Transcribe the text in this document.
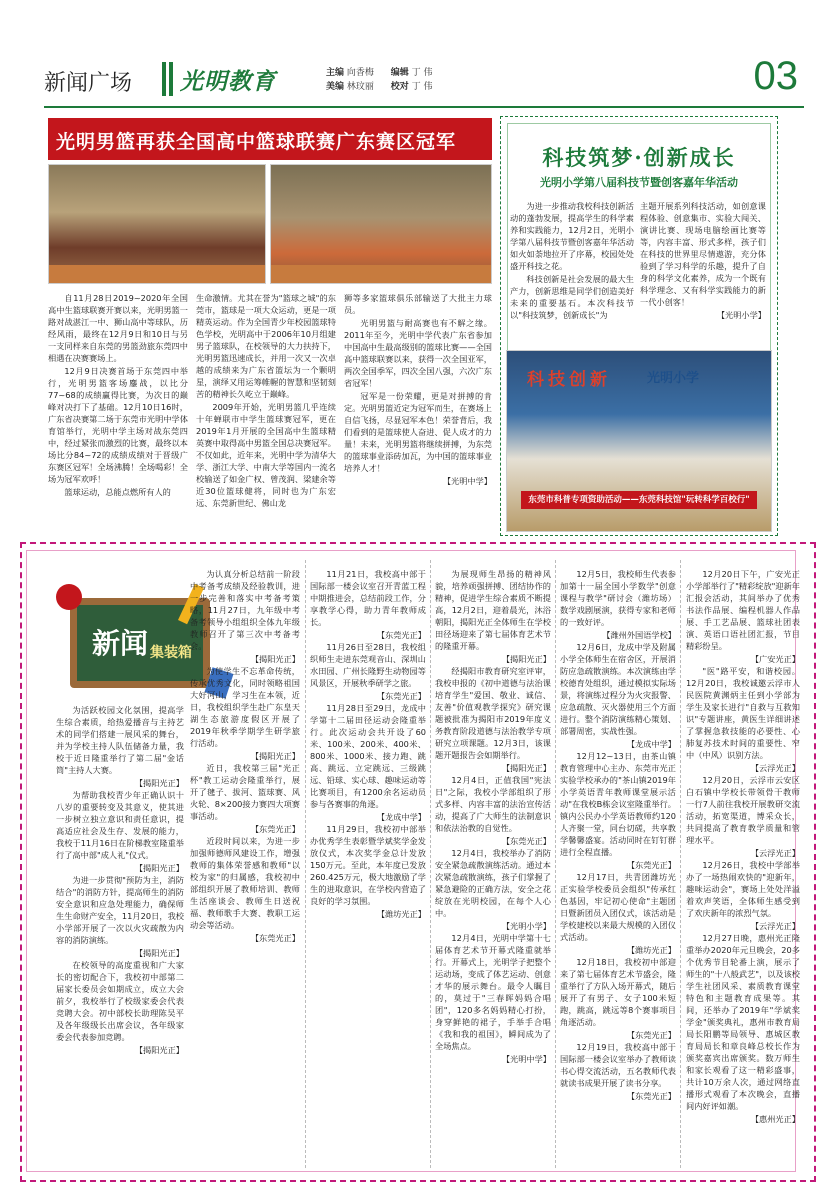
新闻广场 光明教育	主编 向香梅 编辑 丁 伟
美编 林玟丽 校对 丁 伟	03
光明男篮再获全国高中篮球联赛广东赛区冠军

自11月28日2019~2020年全国高中生篮球联赛开赛以来，光明男篮一路对战湛江一中、狮山高中等球队，历经风雨，最终在12月9日和10日与另一支同样来自东莞的男篮劲旅东莞四中相遇在决赛赛场上。

12月9日决赛首场于东莞四中举行，光明男篮客场鏖战，以比分77~68的成绩赢得比赛，为次日的巅峰对决打下了基础。12月10日16时，广东省决赛第二场于东莞市光明中学体育馆举行，光明中学主场对战东莞四中，经过紧张而激烈的比赛，最终以本场比分84~72的成绩成绩对于晋级广东赛区冠军！全场沸腾！全场喝彩！全场为冠军欢呼！

篮球运动，总能点燃所有人的

生命激情。尤其在誉为"篮球之城"的东莞市，篮球是一项大众运动，更是一项精英运动。作为全国青少年校园篮球特色学校，光明高中于2006年10月组建男子篮球队，在校领导的大力扶持下，光明男篮迅速成长，并用一次又一次卓越的成绩来为广东省篮坛为一个颗明星，演绎又用运筹帷幄的智慧和坚韧刻苦的精神长久屹立于巅峰。

2009年开始，光明男篮几乎连续十年蝉联市中学生篮球赛冠军，更在2019年1月开展的全国高中生篮球精英赛中取得高中男篮全国总决赛冠军。不仅如此，近年来，光明中学为清华大学、浙江大学、中南大学等国内一流名校输送了如金广权、曾茂润、梁建余等近30位篮球健将，同时也为广东宏远、东莞新世纪、佛山龙

狮等多家篮球俱乐部输送了大批主力球员。

光明男篮与耐高赛也有不解之缘。2011年至今，光明中学代表广东省参加中国高中生最高级别的篮球比赛——全国高中篮球联赛以来，获得一次全国亚军，两次全国季军，四次全国八强，六次广东省冠军！

冠军是一份荣耀，更是对拼搏的肯定。光明男篮近定为冠军而生，在赛场上自信飞扬，尽显冠军本色！荣誉背后，我们看到的是篮球使人奋进、促人成才的力量！未来，光明男篮将继续拼搏，为东莞的篮球事业添砖加瓦，为中国的篮球事业培养人才！

【光明中学】
科技筑梦·创新成长
光明小学第八届科技节暨创客嘉年华活动

为进一步推动我校科技创新活动的蓬勃发展，提高学生的科学素养和实践能力，12月2日，光明小学第八届科技节暨创客嘉年华活动如火如荼地拉开了序幕，校园处处盛开科技之花。

科技创新是社会发展的最大生产力，创新思维是同学们创造美好未来的重要基石。本次科技节以"科技筑梦，创新成长"为

主题开展系列科技活动，如创意课程体验、创意集市、实验大闯关、演讲比赛、现场电脑绘画比赛等等，内容丰富、形式多样，孩子们在科技的世界里尽情遨游，充分体验到了学习科学的乐趣，提升了自身的科学文化素养，成为一个既有科学理念、又有科学实践能力的新一代小创客！

【光明小学】
科技创新	光明小学
东莞市科普专项资助活动——东莞科技馆"玩转科学百校行"
新闻 集装箱

为活跃校园文化氛围，提高学生综合素质，给热爱播音与主持艺术的同学们搭建一展风采的舞台，并为学校主持人队伍储备力量，我校于近日隆重举行了第二届"金话筒"主持人大赛。

【揭阳光正】

为帮助我校青少年正确认识十八岁的重要转变及其意义，使其进一步树立独立意识和责任意识，提高适应社会及生存、发展的能力，我校于11月16日在阶梯教室隆重举行了高中部"成人礼"仪式。

【揭阳光正】

为进一步贯彻"预防为主，消防结合"的消防方针，提高师生的消防安全意识和应急处理能力，确保师生生命财产安全，11月20日，我校小学部开展了一次以火灾疏散为内容的消防演练。

【揭阳光正】

在校领导的高度重视和广大家长的密切配合下，我校初中部第二届家长委员会如期成立，成立大会前夕，我校举行了校级家委会代表竞聘大会。初中部校长助理陈吴平及各年级级长出席会议，各年级家委会代表参加竞聘。

【揭阳光正】

为认真分析总结前一阶段中考备考成绩及经验教训，进一步完善和落实中考备考策略，11月27日，九年级中考备考领导小组组织全体九年级教师召开了第三次中考备考会。

【揭阳光正】

为使学生不忘革命传统，传承优秀文化，同时领略祖国大好河山，学习生在本领，近日，我校组织学生赴广东皇天湖生态旅游度假区开展了2019年秋季学期学生研学旅行活动。

【揭阳光正】

近日，我校第三届"光正杯"教工运动会隆重举行，展开了毽子、拔河、篮球赛、风火轮、8×200接力赛四大项赛事活动。

【东莞光正】

近段时间以来，为进一步加强师德师风建设工作，增强教师的集体荣誉感和教师"以校为家"的归属感，我校初中部组织开展了教师培训、教师生活座谈会、教师生日送祝福、教师歌手大赛、教职工运动会等活动。

【东莞光正】

11月21日，我校高中部于国际部一楼会议室召开青蓝工程中期推进会，总结前段工作，分享教学心得，助力青年教师成长。

【东莞光正】

11月26日至28日，我校组织师生走进东莞观音山、深圳山水田园、广州长隆野生动物园等风景区，开展秋季研学之旅。

【东莞光正】

11月28日至29日，龙成中学第十二届田径运动会隆重举行。此次运动会共开设了60米、100米、200米、400米、800米、1000米、接力跑、跳高、跳远、立定跳远、三级跳远、铅球、实心球、趣味运动等比赛项目，有1200余名运动员参与各赛事的角逐。

【龙成中学】

11月29日，我校初中部举办优秀学生表彰暨学斌奖学金发放仪式，本次奖学金总计发放150万元。至此，本年度已发放260.425万元，极大地激励了学生的进取意识，在学校内营造了良好的学习氛围。

【潍坊光正】

为展现师生昂扬的精神风貌，培养顽强拼搏、团结协作的精神，促进学生综合素质不断提高，12月2日，迎着晨光，沐浴朝阳，揭阳光正全体师生在学校田径场迎来了第七届体育艺术节的隆重开幕。

【揭阳光正】

经揭阳市教育研究室评审，我校申报的《初中道德与法治课培育学生"爱国、敬业、诚信、友善"价值观教学探究》研究课题被批准为揭阳市2019年度义务教育阶段道德与法治教学专项研究立项课题。12月3日，该课题开题报告会如期举行。

【揭阳光正】

12月4日，正值我国"宪法日"之际，我校小学部组织了形式多样、内容丰富的法治宣传活动，提高了广大师生的法制意识和依法治教的自觉性。

【东莞光正】

12月4日，我校举办了消防安全紧急疏散演练活动。通过本次紧急疏散演练，孩子们掌握了紧急避险的正确方法，安全之花绽放在光明校园，在每个人心中。

【光明小学】

12月4日，光明中学第十七届体育艺术节开幕式隆重就举行。开幕式上，光明学子把整个运动场，变成了体艺运动、创意才华的展示舞台。最令人瞩目的，莫过于"三春晖妈妈合唱团"，120多名妈妈精心打扮，身穿鲜艳的裙子，手举手合唱《我和我的祖国》，瞬间成为了全场焦点。

【光明中学】

12月5日，我校师生代表参加第十一届全国小学数学"创意课程与教学"研讨会（潍坊场）数学戏剧展演，获得专家和老师的一致好评。

【潍州外国语学校】

12月6日，龙成中学及附属小学全体师生在宿舍区，开展消防应急疏散演练。本次演练由学校德育处组织，通过模拟实际场景，将演练过程分为火灾报警、应急疏散、灭火器使用三个方面进行。整个消防演练精心策划、部署周密，实战性强。

【龙成中学】

12月12~13日，由茶山镇教育管理中心主办、东莞市光正实验学校承办的"茶山镇2019年小学英语青年教师课堂展示活动"在我校B栋会议室隆重举行。镇内公民办小学英语教师约120人齐聚一堂，同台切磋，共享教学馨馨盛宴。活动同时在钉钉群进行全程直播。

【东莞光正】

12月17日，共青团潍坊光正实验学校委员会组织"传承红色基因，牢记初心使命"主题团日暨新团员入团仪式，该活动是学校建校以来最大规模的入团仪式活动。

【潍坊光正】

12月18日，我校初中部迎来了第七届体育艺术节盛会，隆重举行了方队入场开幕式，随后展开了有男子、女子100米短跑，跳高，跳远等8个赛事项目角逐活动。

【东莞光正】

12月19日，我校高中部于国际部一楼会议室举办了教师读书心得交流活动，五名教师代表就读书成果开展了读书分享。

【东莞光正】

12月20日下午，广安光正小学部举行了"精彩绽放"迎新年汇报会活动，其间举办了优秀书法作品展、编程机器人作品展、手工艺品展、篮球社团表演、英语口语社团汇报，节目精彩纷呈。

【广安光正】

"医"路平安，和谐校园。12月20日，我校诚邀云浮市人民医院黄渊炳主任到小学部为学生及家长进行"自救与互救知识"专题讲座，黄医生详细讲述了掌握急救技能的必要性、心肺复苏技术时间的重要性、窄中（中风）识别方法。

【云浮光正】

12月20日，云浮市云安区白石镇中学校长带领骨干教师一行7人前往我校开展教研交流活动，拓宽渠道，博采众长，共同提高了教育教学质量和管理水平。

【云浮光正】

12月26日，我校中学部举办了一场热闹欢快的"迎新年，趣味运动会"，赛场上处处洋溢着欢声笑语，全体师生感受到了欢庆新年的浓烈气氛。

【云浮光正】

12月27日晚，惠州光正隆重举办2020年元旦晚会，20多个优秀节目轮番上演，展示了师生的"十八般武艺"，以及该校学生社团风采、素质教育课堂特色和主题教育成果等。其间，还举办了2019年"学斌奖学金"颁奖典礼，惠州市教育局局长阳鹏等局领导、惠城区教育局局长和章良峰总校长作为颁奖嘉宾出席颁奖。数万师生和家长观看了这一精彩盛事，共计10万余人次，通过网络直播形式观看了本次晚会，直播间内好评如潮。

【惠州光正】
